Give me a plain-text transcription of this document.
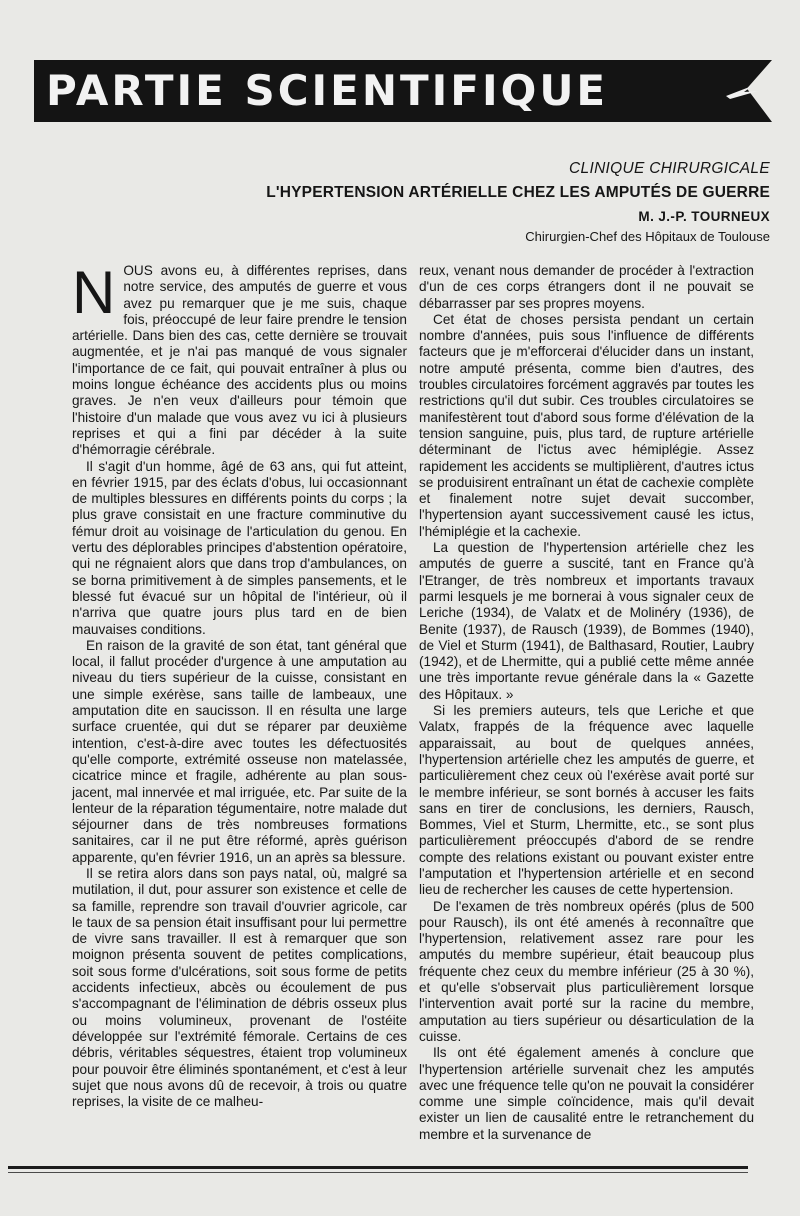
PARTIE SCIENTIFIQUE
CLINIQUE CHIRURGICALE
L'HYPERTENSION ARTÉRIELLE CHEZ LES AMPUTÉS DE GUERRE
M. J.-P. TOURNEUX
Chirurgien-Chef des Hôpitaux de Toulouse

NOUS avons eu, à différentes reprises, dans notre service, des amputés de guerre et vous avez pu remarquer que je me suis, chaque fois, préoccupé de leur faire prendre le tension artérielle. Dans bien des cas, cette dernière se trouvait augmentée, et je n'ai pas manqué de vous signaler l'importance de ce fait, qui pouvait entraîner à plus ou moins longue échéance des accidents plus ou moins graves. Je n'en veux d'ailleurs pour témoin que l'histoire d'un malade que vous avez vu ici à plusieurs reprises et qui a fini par décéder à la suite d'hémorragie cérébrale.

Il s'agit d'un homme, âgé de 63 ans, qui fut atteint, en février 1915, par des éclats d'obus, lui occasionnant de multiples blessures en différents points du corps ; la plus grave consistait en une fracture comminutive du fémur droit au voisinage de l'articulation du genou. En vertu des déplorables principes d'abstention opératoire, qui ne régnaient alors que dans trop d'ambulances, on se borna primitivement à de simples pansements, et le blessé fut évacué sur un hôpital de l'intérieur, où il n'arriva que quatre jours plus tard en de bien mauvaises conditions.

En raison de la gravité de son état, tant général que local, il fallut procéder d'urgence à une amputation au niveau du tiers supérieur de la cuisse, consistant en une simple exérèse, sans taille de lambeaux, une amputation dite en saucisson. Il en résulta une large surface cruentée, qui dut se réparer par deuxième intention, c'est-à-dire avec toutes les défectuosités qu'elle comporte, extrémité osseuse non matelassée, cicatrice mince et fragile, adhérente au plan sous-jacent, mal innervée et mal irriguée, etc. Par suite de la lenteur de la réparation tégumentaire, notre malade dut séjourner dans de très nombreuses formations sanitaires, car il ne put être réformé, après guérison apparente, qu'en février 1916, un an après sa blessure.

Il se retira alors dans son pays natal, où, malgré sa mutilation, il dut, pour assurer son existence et celle de sa famille, reprendre son travail d'ouvrier agricole, car le taux de sa pension était insuffisant pour lui permettre de vivre sans travailler. Il est à remarquer que son moignon présenta souvent de petites complications, soit sous forme d'ulcérations, soit sous forme de petits accidents infectieux, abcès ou écoulement de pus s'accompagnant de l'élimination de débris osseux plus ou moins volumineux, provenant de l'ostéite développée sur l'extrémité fémorale. Certains de ces débris, véritables séquestres, étaient trop volumineux pour pouvoir être éliminés spontanément, et c'est à leur sujet que nous avons dû de recevoir, à trois ou quatre reprises, la visite de ce malheu-

reux, venant nous demander de procéder à l'extraction d'un de ces corps étrangers dont il ne pouvait se débarrasser par ses propres moyens.

Cet état de choses persista pendant un certain nombre d'années, puis sous l'influence de différents facteurs que je m'efforcerai d'élucider dans un instant, notre amputé présenta, comme bien d'autres, des troubles circulatoires forcément aggravés par toutes les restrictions qu'il dut subir. Ces troubles circulatoires se manifestèrent tout d'abord sous forme d'élévation de la tension sanguine, puis, plus tard, de rupture artérielle déterminant de l'ictus avec hémiplégie. Assez rapidement les accidents se multiplièrent, d'autres ictus se produisirent entraînant un état de cachexie complète et finalement notre sujet devait succomber, l'hypertension ayant successivement causé les ictus, l'hémiplégie et la cachexie.

La question de l'hypertension artérielle chez les amputés de guerre a suscité, tant en France qu'à l'Etranger, de très nombreux et importants travaux parmi lesquels je me bornerai à vous signaler ceux de Leriche (1934), de Valatx et de Molinéry (1936), de Benite (1937), de Rausch (1939), de Bommes (1940), de Viel et Sturm (1941), de Balthasard, Routier, Laubry (1942), et de Lhermitte, qui a publié cette même année une très importante revue générale dans la « Gazette des Hôpitaux. »

Si les premiers auteurs, tels que Leriche et que Valatx, frappés de la fréquence avec laquelle apparaissait, au bout de quelques années, l'hypertension artérielle chez les amputés de guerre, et particulièrement chez ceux où l'exérèse avait porté sur le membre inférieur, se sont bornés à accuser les faits sans en tirer de conclusions, les derniers, Rausch, Bommes, Viel et Sturm, Lhermitte, etc., se sont plus particulièrement préoccupés d'abord de se rendre compte des relations existant ou pouvant exister entre l'amputation et l'hypertension artérielle et en second lieu de rechercher les causes de cette hypertension.

De l'examen de très nombreux opérés (plus de 500 pour Rausch), ils ont été amenés à reconnaître que l'hypertension, relativement assez rare pour les amputés du membre supérieur, était beaucoup plus fréquente chez ceux du membre inférieur (25 à 30 %), et qu'elle s'observait plus particulièrement lorsque l'intervention avait porté sur la racine du membre, amputation au tiers supérieur ou désarticulation de la cuisse.

Ils ont été également amenés à conclure que l'hypertension artérielle survenait chez les amputés avec une fréquence telle qu'on ne pouvait la considérer comme une simple coïncidence, mais qu'il devait exister un lien de causalité entre le retranchement du membre et la survenance de
